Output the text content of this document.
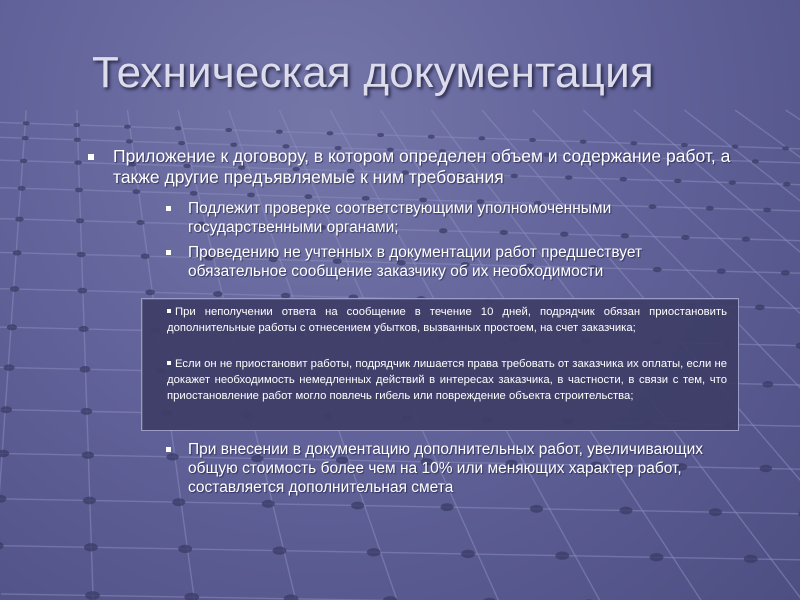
Техническая документация
Приложение к договору, в котором определен объем и содержание работ, а также другие предъявляемые к ним требования
Подлежит проверке соответствующими уполномоченными государственными органами;
Проведению не учтенных в документации работ предшествует обязательное сообщение заказчику об их необходимости
При неполучении ответа на сообщение в течение 10 дней, подрядчик обязан приостановить дополнительные работы с отнесением убытков, вызванных простоем, на счет заказчика;
Если он не приостановит работы, подрядчик лишается права требовать от заказчика их оплаты, если не докажет необходимость немедленных действий в интересах заказчика, в частности, в связи с тем, что приостановление работ могло повлечь гибель или повреждение объекта строительства;
При внесении в документацию дополнительных работ, увеличивающих общую стоимость более чем на 10% или меняющих характер работ, составляется дополнительная смета
